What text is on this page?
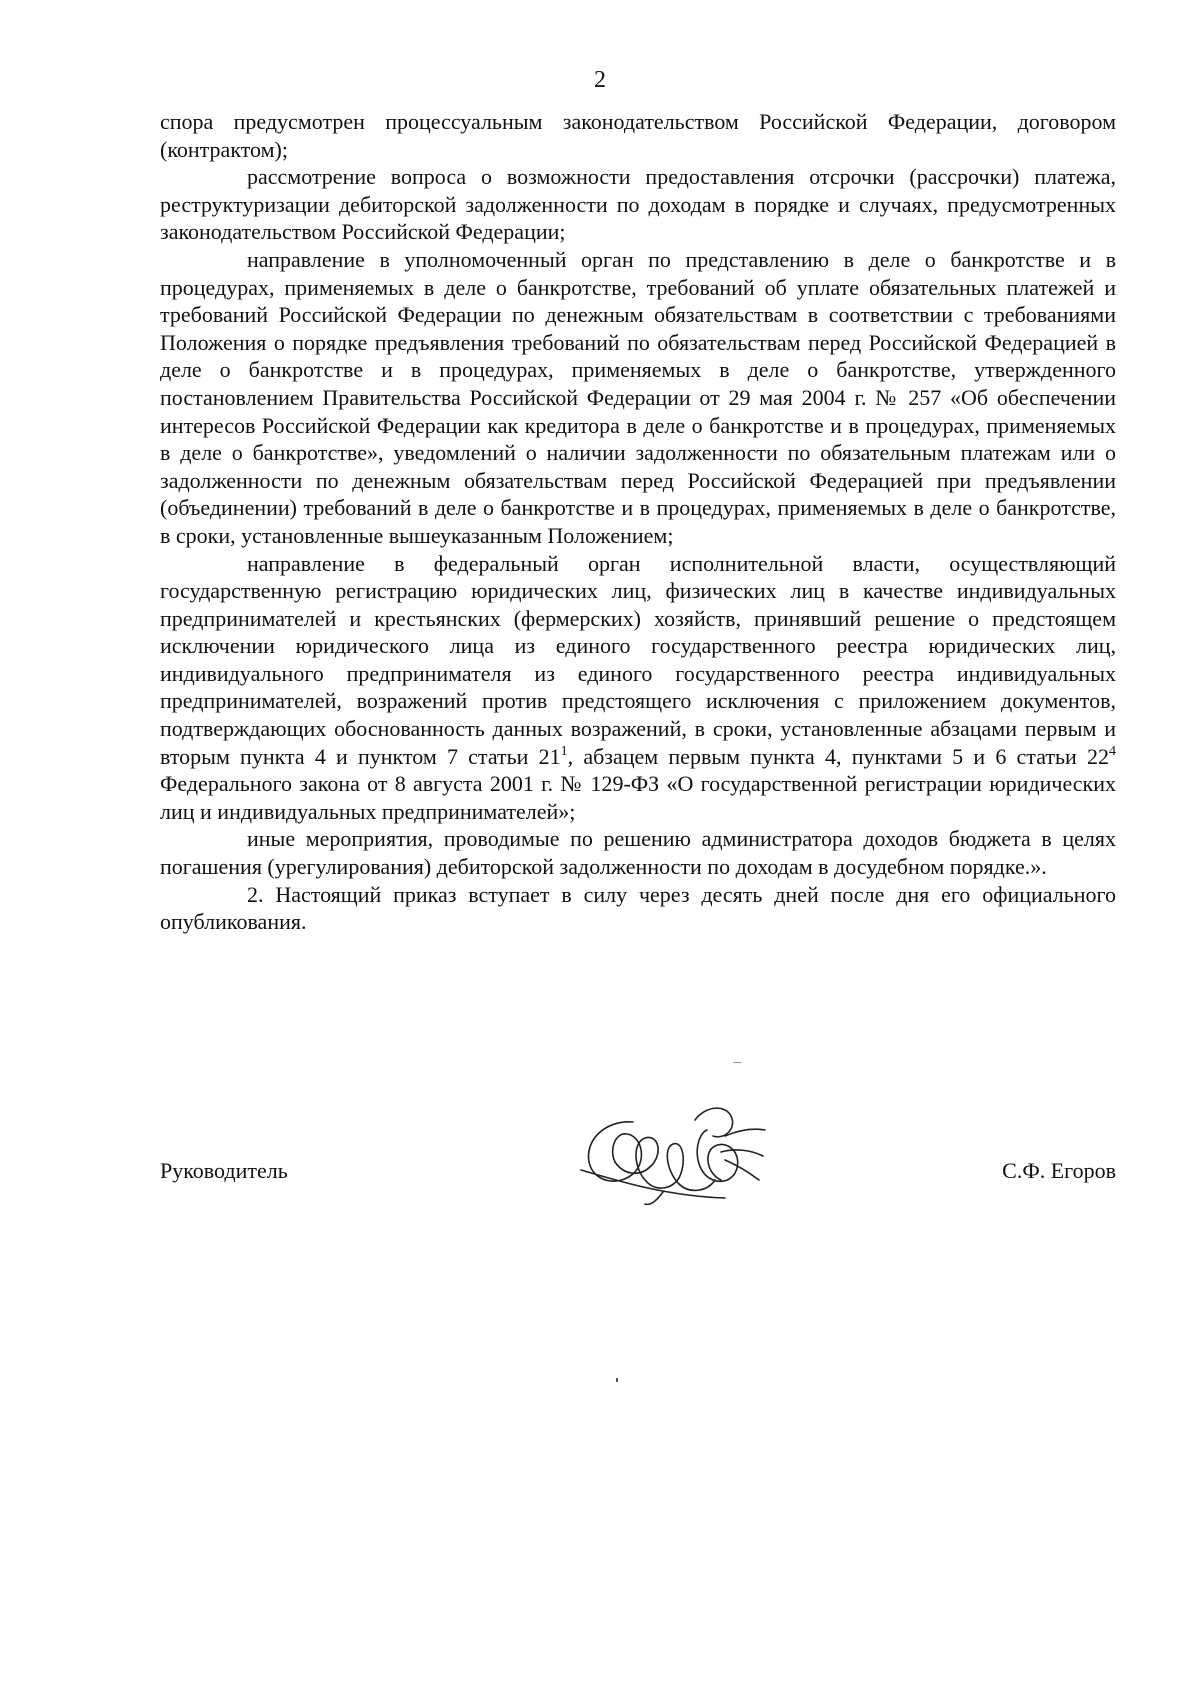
2

спора предусмотрен процессуальным законодательством Российской Федерации, договором (контрактом);

рассмотрение вопроса о возможности предоставления отсрочки (рассрочки) платежа, реструктуризации дебиторской задолженности по доходам в порядке и случаях, предусмотренных законодательством Российской Федерации;

направление в уполномоченный орган по представлению в деле о банкротстве и в процедурах, применяемых в деле о банкротстве, требований об уплате обязательных платежей и требований Российской Федерации по денежным обязательствам в соответствии с требованиями Положения о порядке предъявления требований по обязательствам перед Российской Федерацией в деле о банкротстве и в процедурах, применяемых в деле о банкротстве, утвержденного постановлением Правительства Российской Федерации от 29 мая 2004 г. № 257 «Об обеспечении интересов Российской Федерации как кредитора в деле о банкротстве и в процедурах, применяемых в деле о банкротстве», уведомлений о наличии задолженности по обязательным платежам или о задолженности по денежным обязательствам перед Российской Федерацией при предъявлении (объединении) требований в деле о банкротстве и в процедурах, применяемых в деле о банкротстве, в сроки, установленные вышеуказанным Положением;

направление в федеральный орган исполнительной власти, осуществляющий государственную регистрацию юридических лиц, физических лиц в качестве индивидуальных предпринимателей и крестьянских (фермерских) хозяйств, принявший решение о предстоящем исключении юридического лица из единого государственного реестра юридических лиц, индивидуального предпринимателя из единого государственного реестра индивидуальных предпринимателей, возражений против предстоящего исключения с приложением документов, подтверждающих обоснованность данных возражений, в сроки, установленные абзацами первым и вторым пункта 4 и пунктом 7 статьи $21^1$, абзацем первым пункта 4, пунктами 5 и 6 статьи $22^4$ Федерального закона от 8 августа 2001 г. № 129-ФЗ «О государственной регистрации юридических лиц и индивидуальных предпринимателей»;

иные мероприятия, проводимые по решению администратора доходов бюджета в целях погашения (урегулирования) дебиторской задолженности по доходам в досудебном порядке.».

2. Настоящий приказ вступает в силу через десять дней после дня его официального опубликования.

Руководитель	С.Ф. Егоров
